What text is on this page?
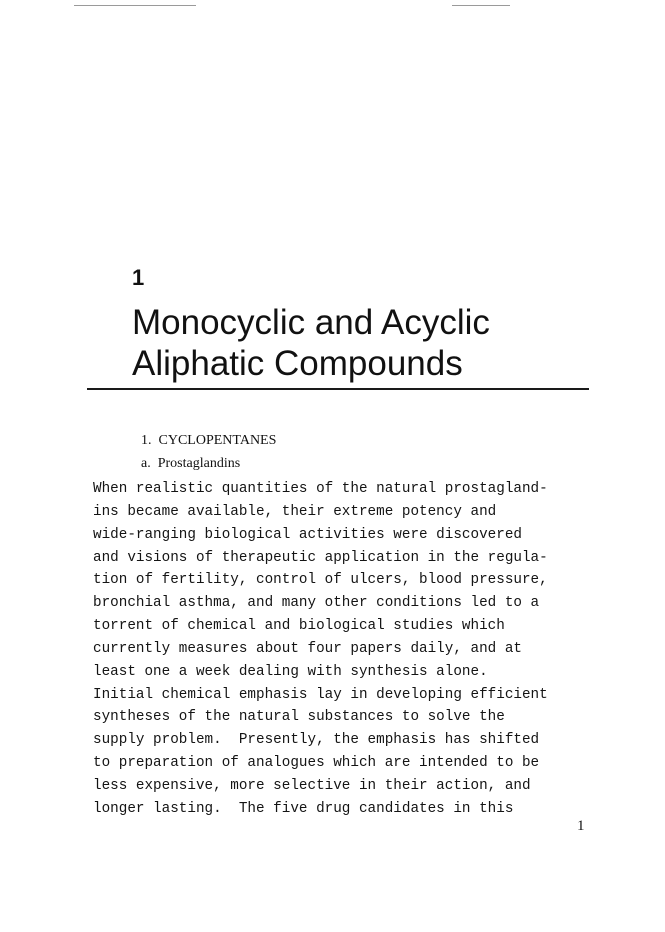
1
Monocyclic and Acyclic
Aliphatic Compounds
1.  CYCLOPENTANES
a.  Prostaglandins
When realistic quantities of the natural prostagland-
ins became available, their extreme potency and
wide-ranging biological activities were discovered
and visions of therapeutic application in the regula-
tion of fertility, control of ulcers, blood pressure,
bronchial asthma, and many other conditions led to a
torrent of chemical and biological studies which
currently measures about four papers daily, and at
least one a week dealing with synthesis alone.
Initial chemical emphasis lay in developing efficient
syntheses of the natural substances to solve the
supply problem.  Presently, the emphasis has shifted
to preparation of analogues which are intended to be
less expensive, more selective in their action, and
longer lasting.  The five drug candidates in this
1
